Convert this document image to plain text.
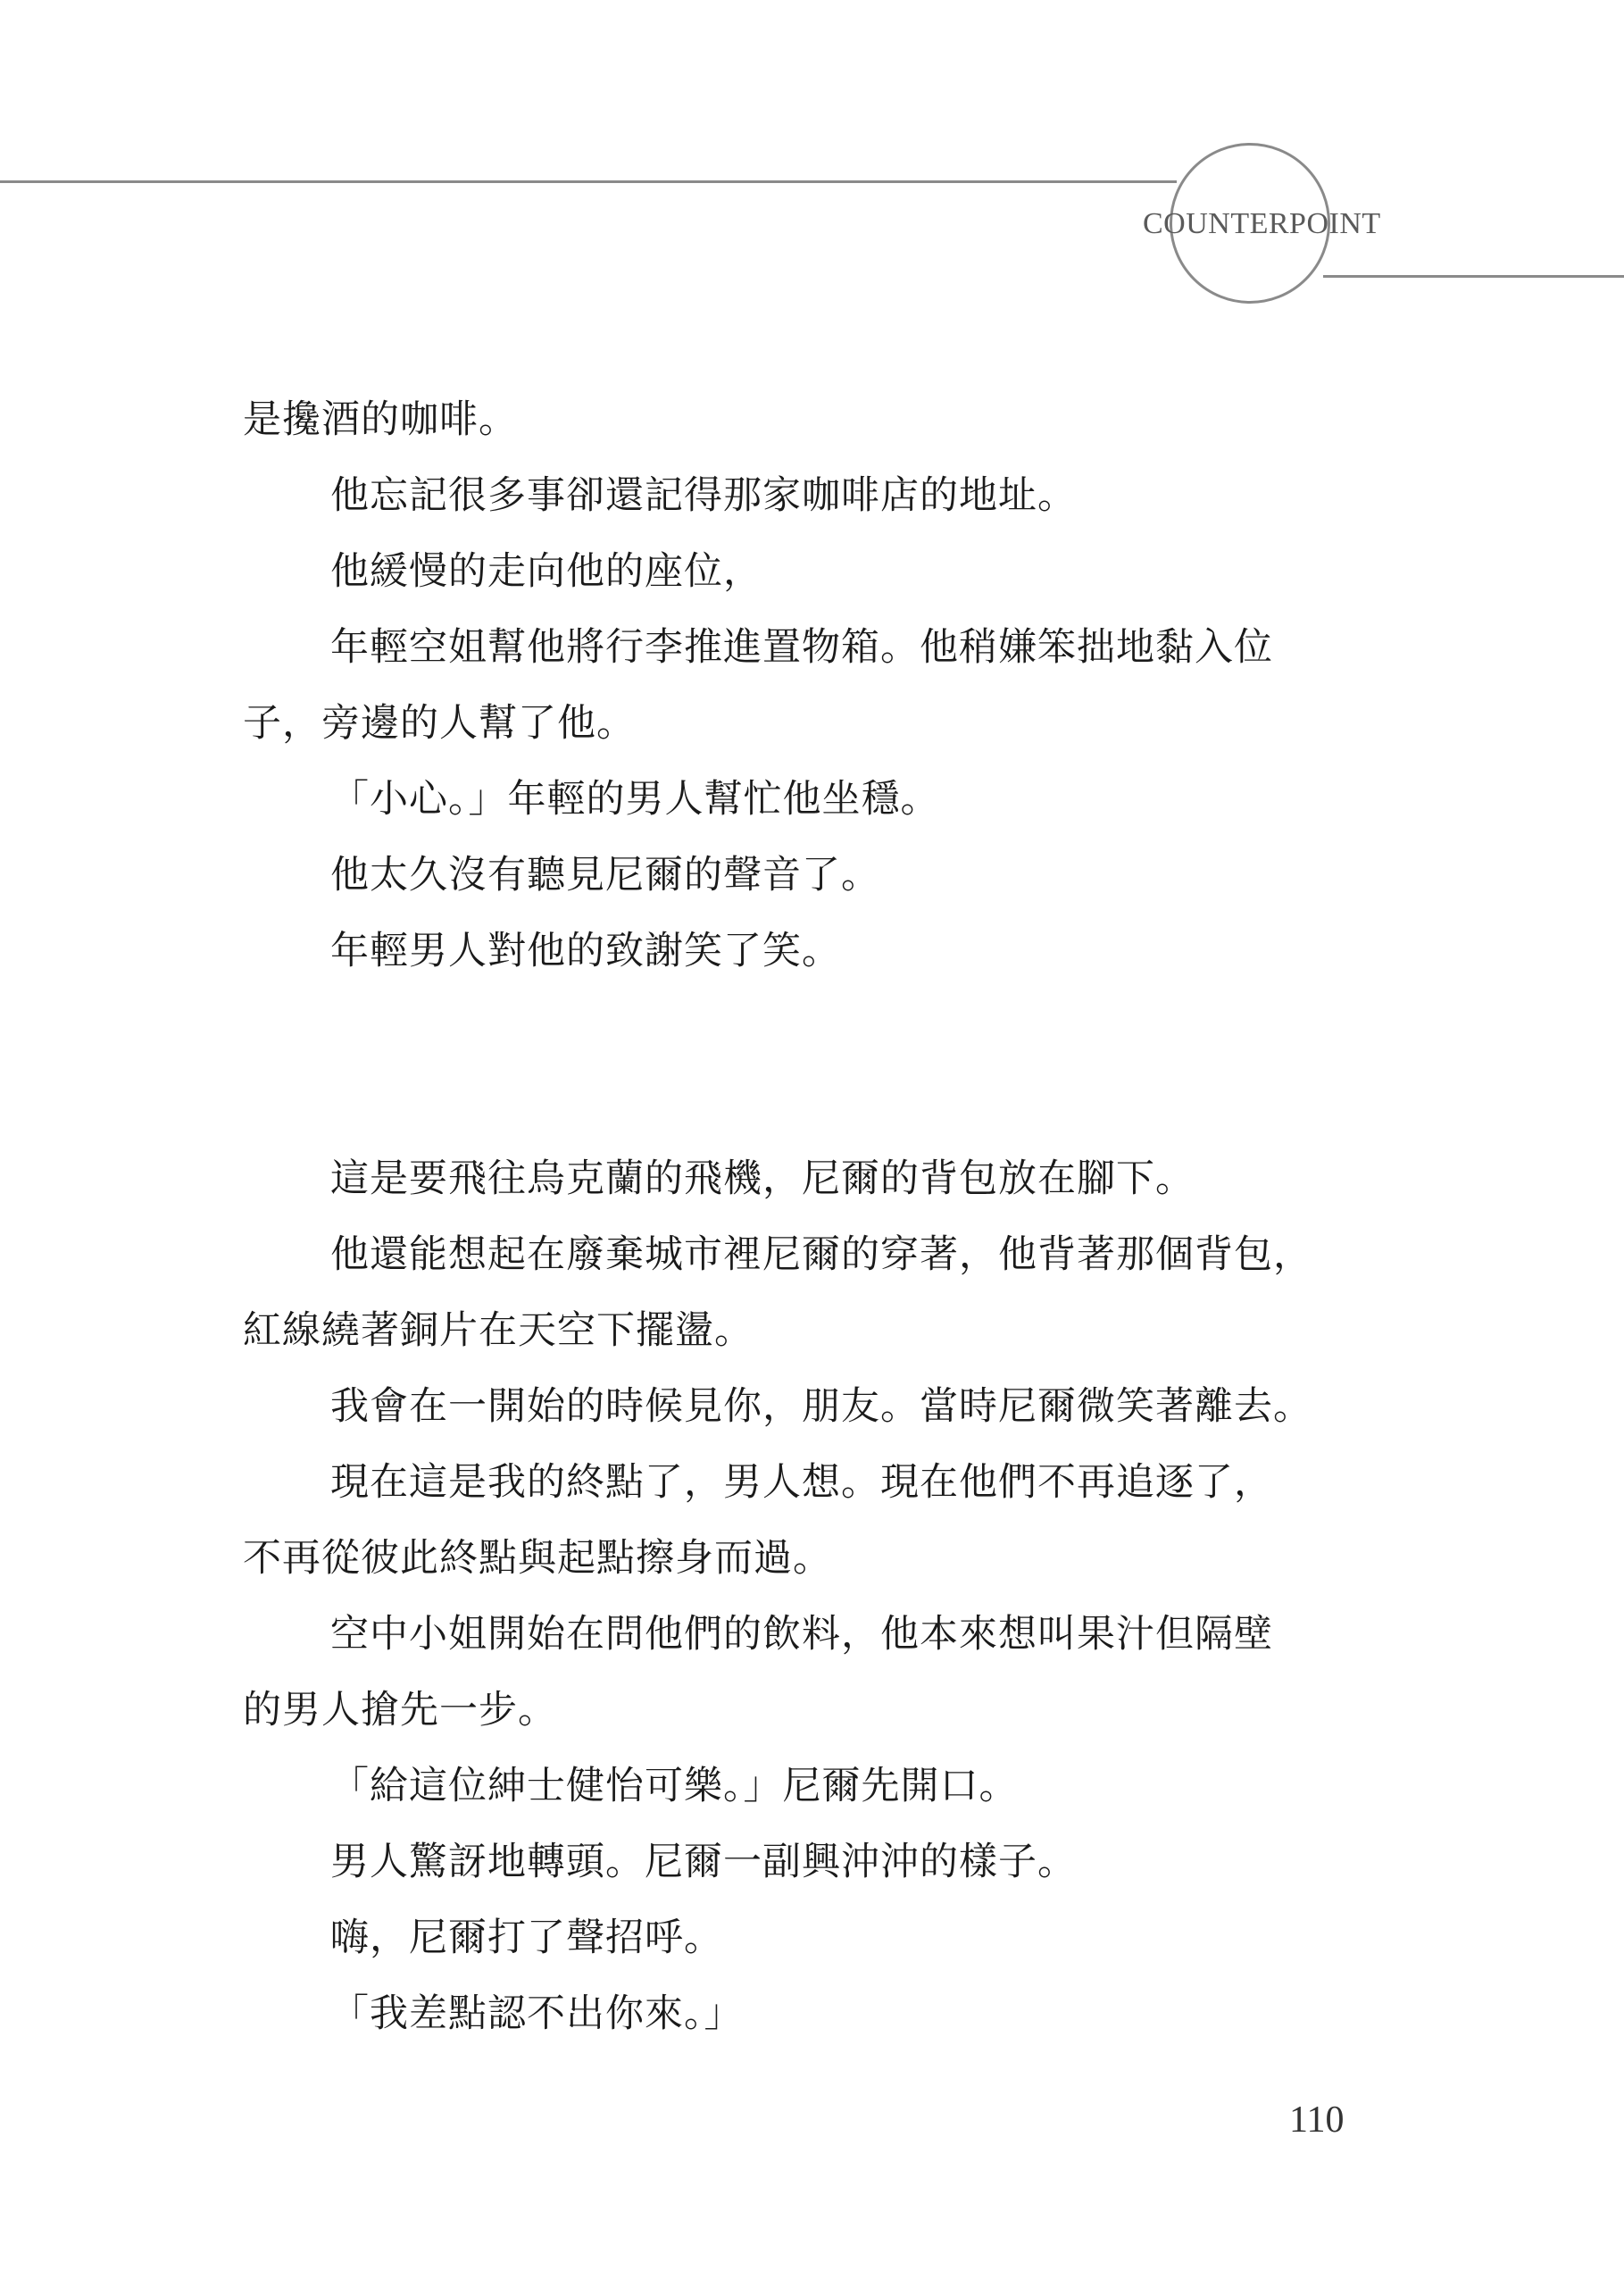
COUNTERPOINT
是攙酒的咖啡。
他忘記很多事卻還記得那家咖啡店的地址。
他緩慢的走向他的座位，
年輕空姐幫他將行李推進置物箱。他稍嫌笨拙地黏入位
子，旁邊的人幫了他。
「小心。」年輕的男人幫忙他坐穩。
他太久沒有聽見尼爾的聲音了。
年輕男人對他的致謝笑了笑。
這是要飛往烏克蘭的飛機，尼爾的背包放在腳下。
他還能想起在廢棄城市裡尼爾的穿著，他背著那個背包，
紅線繞著銅片在天空下擺盪。
我會在一開始的時候見你，朋友。當時尼爾微笑著離去。
現在這是我的終點了，男人想。現在他們不再追逐了，
不再從彼此終點與起點擦身而過。
空中小姐開始在問他們的飲料，他本來想叫果汁但隔壁
的男人搶先一步。
「給這位紳士健怡可樂。」尼爾先開口。
男人驚訝地轉頭。尼爾一副興沖沖的樣子。
嗨，尼爾打了聲招呼。
「我差點認不出你來。」
110
